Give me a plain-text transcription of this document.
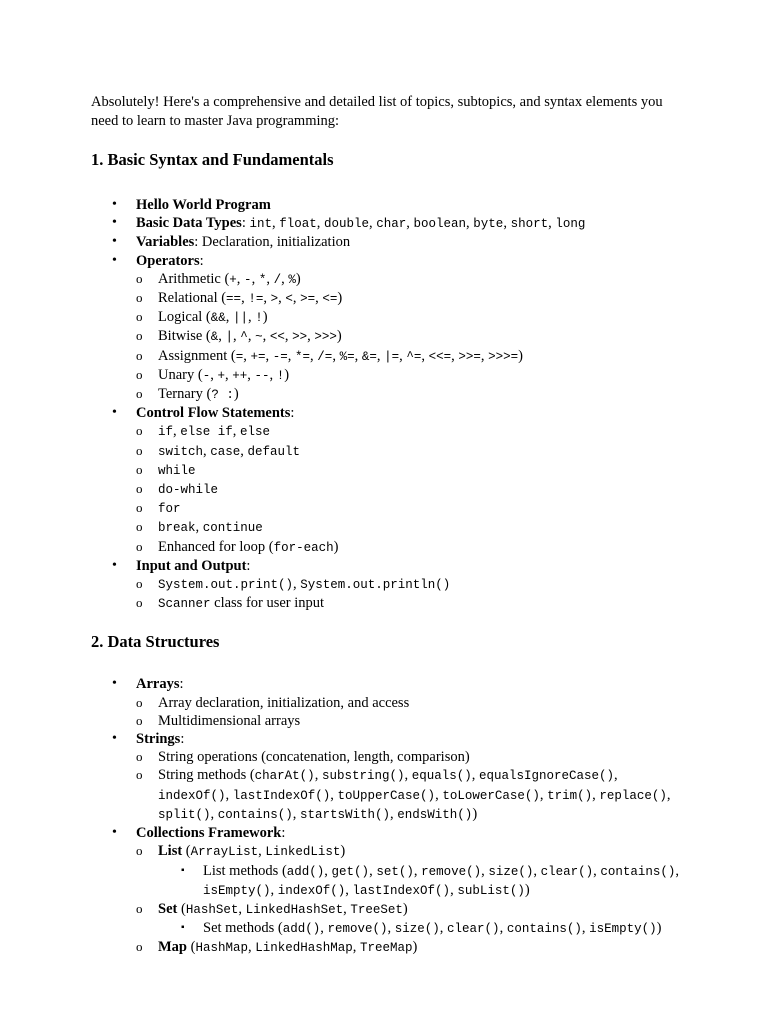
Absolutely! Here's a comprehensive and detailed list of topics, subtopics, and syntax elements you need to learn to master Java programming:

1. Basic Syntax and Fundamentals
• Hello World Program
• Basic Data Types: int, float, double, char, boolean, byte, short, long
• Variables: Declaration, initialization
• Operators:
o Arithmetic (+, -, *, /, %)
o Relational (==, !=, >, <, >=, <=)
o Logical (&&, ||, !)
o Bitwise (&, |, ^, ~, <<, >>, >>>)
o Assignment (=, +=, -=, *=, /=, %=, &=, |=, ^=, <<=, >>=, >>>=)
o Unary (-, +, ++, --, !)
o Ternary (? :)
• Control Flow Statements:
o if, else if, else
o switch, case, default
o while
o do-while
o for
o break, continue
o Enhanced for loop (for-each)
• Input and Output:
o System.out.print(), System.out.println()
o Scanner class for user input
2. Data Structures
• Arrays:
o Array declaration, initialization, and access
o Multidimensional arrays
• Strings:
o String operations (concatenation, length, comparison)
o String methods (charAt(), substring(), equals(), equalsIgnoreCase(), indexOf(), lastIndexOf(), toUpperCase(), toLowerCase(), trim(), replace(), split(), contains(), startsWith(), endsWith())
• Collections Framework:
o List (ArrayList, LinkedList)
▪ List methods (add(), get(), set(), remove(), size(), clear(), contains(), isEmpty(), indexOf(), lastIndexOf(), subList())
o Set (HashSet, LinkedHashSet, TreeSet)
▪ Set methods (add(), remove(), size(), clear(), contains(), isEmpty())
o Map (HashMap, LinkedHashMap, TreeMap)
